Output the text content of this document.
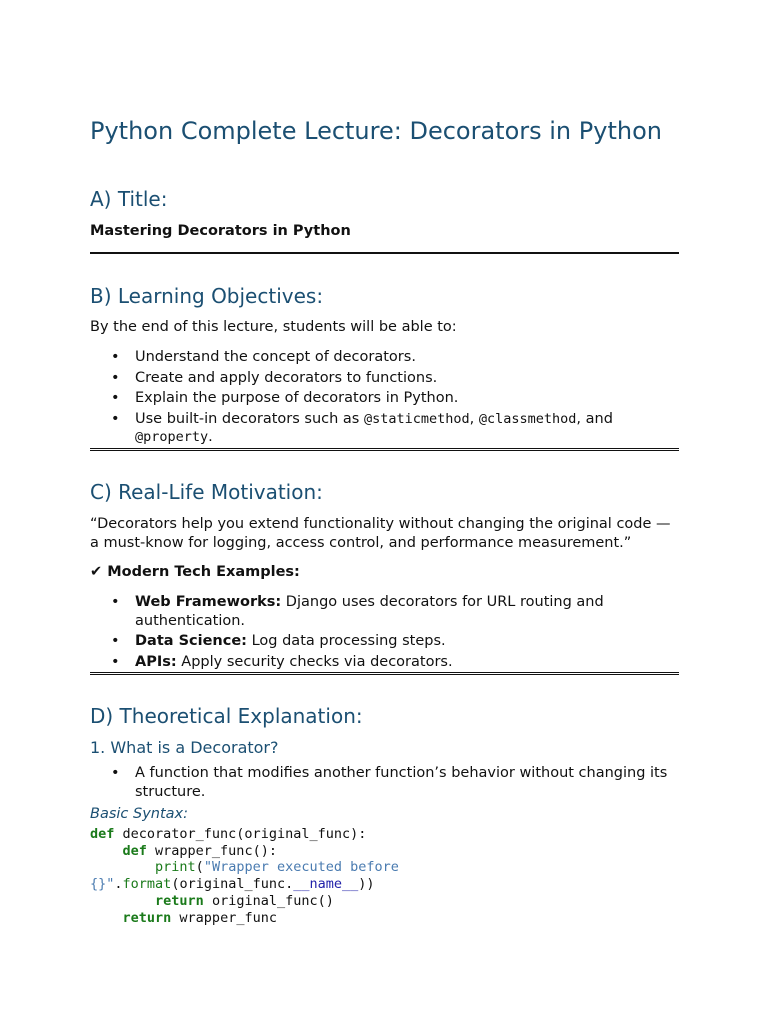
Python Complete Lecture: Decorators in Python
A) Title:
Mastering Decorators in Python
B) Learning Objectives:
By the end of this lecture, students will be able to:
• Understand the concept of decorators.
• Create and apply decorators to functions.
• Explain the purpose of decorators in Python.
• Use built-in decorators such as @staticmethod, @classmethod, and
@property.
C) Real-Life Motivation:
“Decorators help you extend functionality without changing the original code — a must-know for logging, access control, and performance measurement.”
✔ Modern Tech Examples:
• Web Frameworks: Django uses decorators for URL routing and authentication.
• Data Science: Log data processing steps.
• APIs: Apply security checks via decorators.
D) Theoretical Explanation:
1. What is a Decorator?
• A function that modifies another function’s behavior without changing its structure.
Basic Syntax:
def decorator_func(original_func):
def wrapper_func():
print("Wrapper executed before
{}".format(original_func.__name__))
return original_func()
return wrapper_func
